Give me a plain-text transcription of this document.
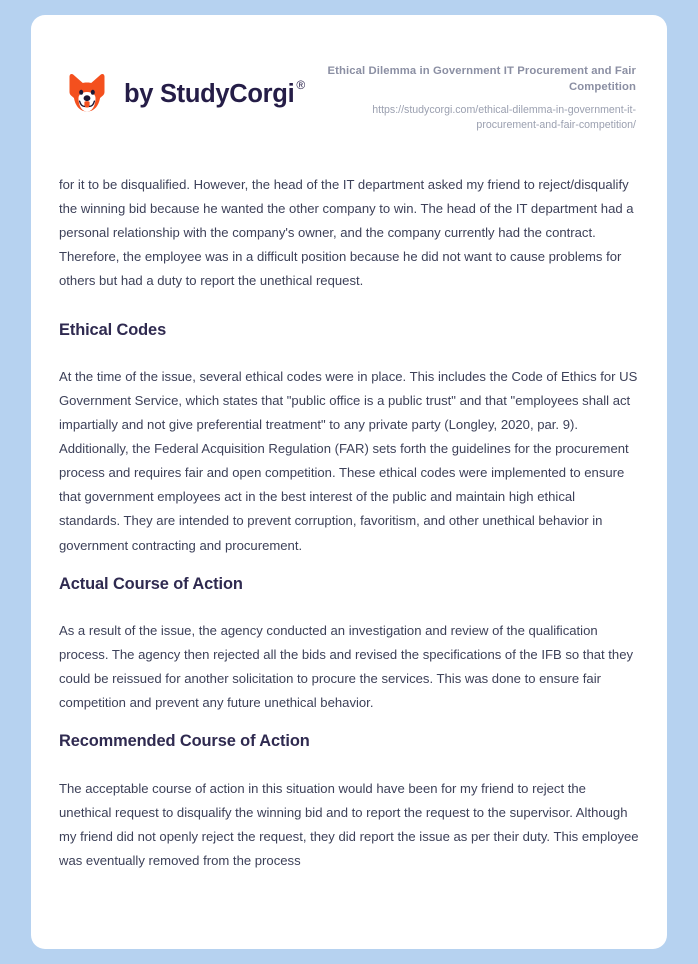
by StudyCorgi ®
Ethical Dilemma in Government IT Procurement and Fair Competition
https://studycorgi.com/ethical-dilemma-in-government-it-procurement-and-fair-competition/

for it to be disqualified. However, the head of the IT department asked my friend to reject/disqualify the winning bid because he wanted the other company to win. The head of the IT department had a personal relationship with the company's owner, and the company currently had the contract. Therefore, the employee was in a difficult position because he did not want to cause problems for others but had a duty to report the unethical request.

Ethical Codes

At the time of the issue, several ethical codes were in place. This includes the Code of Ethics for US Government Service, which states that "public office is a public trust" and that "employees shall act impartially and not give preferential treatment" to any private party (Longley, 2020, par. 9). Additionally, the Federal Acquisition Regulation (FAR) sets forth the guidelines for the procurement process and requires fair and open competition. These ethical codes were implemented to ensure that government employees act in the best interest of the public and maintain high ethical standards. They are intended to prevent corruption, favoritism, and other unethical behavior in government contracting and procurement.

Actual Course of Action

As a result of the issue, the agency conducted an investigation and review of the qualification process. The agency then rejected all the bids and revised the specifications of the IFB so that they could be reissued for another solicitation to procure the services. This was done to ensure fair competition and prevent any future unethical behavior.

Recommended Course of Action

The acceptable course of action in this situation would have been for my friend to reject the unethical request to disqualify the winning bid and to report the request to the supervisor. Although my friend did not openly reject the request, they did report the issue as per their duty. This employee was eventually removed from the process
